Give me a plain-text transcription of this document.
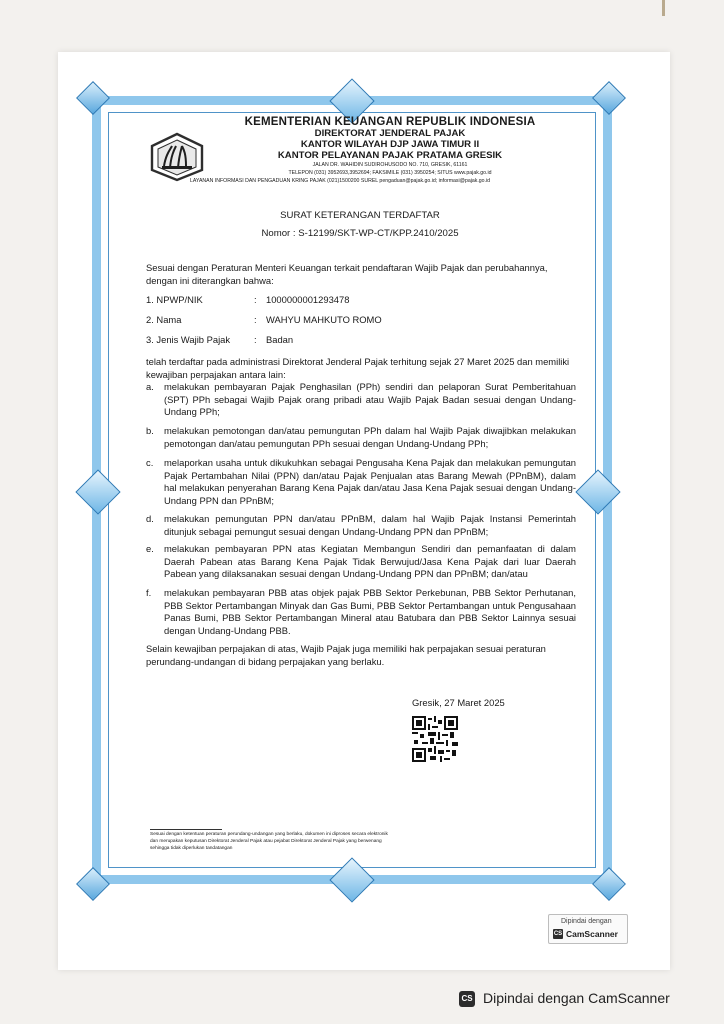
KEMENTERIAN KEUANGAN REPUBLIK INDONESIA
DIREKTORAT JENDERAL PAJAK
KANTOR WILAYAH DJP JAWA TIMUR II
KANTOR PELAYANAN PAJAK PRATAMA GRESIK
JALAN DR. WAHIDIN SUDIROHUSODO NO. 710, GRESIK, 61161
TELEPON (031) 3952693,3952694; FAKSIMILE (031) 3950254; SITUS www.pajak.go.id
LAYANAN INFORMASI DAN PENGADUAN KRING PAJAK (021)1500200 SUREL pengaduan@pajak.go.id; informasi@pajak.go.id
SURAT KETERANGAN TERDAFTAR
Nomor : S-12199/SKT-WP-CT/KPP.2410/2025
Sesuai dengan Peraturan Menteri Keuangan terkait pendaftaran Wajib Pajak dan perubahannya, dengan ini diterangkan bahwa:
1. NPWP/NIK	: 1000000001293478
2. Nama	: WAHYU MAHKUTO ROMO
3. Jenis Wajib Pajak	: Badan
telah terdaftar pada administrasi Direktorat Jenderal Pajak terhitung sejak 27 Maret 2025 dan memiliki kewajiban perpajakan antara lain:
a. melakukan pembayaran Pajak Penghasilan (PPh) sendiri dan pelaporan Surat Pemberitahuan (SPT) PPh sebagai Wajib Pajak orang pribadi atau Wajib Pajak Badan sesuai dengan Undang-Undang PPh;
b. melakukan pemotongan dan/atau pemungutan PPh dalam hal Wajib Pajak diwajibkan melakukan pemotongan dan/atau pemungutan PPh sesuai dengan Undang-Undang PPh;
c. melaporkan usaha untuk dikukuhkan sebagai Pengusaha Kena Pajak dan melakukan pemungutan Pajak Pertambahan Nilai (PPN) dan/atau Pajak Penjualan atas Barang Mewah (PPnBM), dalam hal melakukan penyerahan Barang Kena Pajak dan/atau Jasa Kena Pajak sesuai dengan Undang-Undang PPN dan PPnBM;
d. melakukan pemungutan PPN dan/atau PPnBM, dalam hal Wajib Pajak Instansi Pemerintah ditunjuk sebagai pemungut sesuai dengan Undang-Undang PPN dan PPnBM;
e. melakukan pembayaran PPN atas Kegiatan Membangun Sendiri dan pemanfaatan di dalam Daerah Pabean atas Barang Kena Pajak Tidak Berwujud/Jasa Kena Pajak dari luar Daerah Pabean yang dilaksanakan sesuai dengan Undang-Undang PPN dan PPnBM; dan/atau
f. melakukan pembayaran PBB atas objek pajak PBB Sektor Perkebunan, PBB Sektor Perhutanan, PBB Sektor Pertambangan Minyak dan Gas Bumi, PBB Sektor Pertambangan untuk Pengusahaan Panas Bumi, PBB Sektor Pertambangan Mineral atau Batubara dan PBB Sektor Lainnya sesuai dengan Undang-Undang PBB.
Selain kewajiban perpajakan di atas, Wajib Pajak juga memiliki hak perpajakan sesuai peraturan perundang-undangan di bidang perpajakan yang berlaku.
Gresik, 27 Maret 2025
Sesuai dengan ketentuan peraturan perundang-undangan yang berlaku, dokumen ini diproses secara elektronik dan merupakan keputusan Direktorat Jenderal Pajak atau pejabat Direktorat Jenderal Pajak yang berwenang sehingga tidak diperlukan tandatangan
Dipindai dengan
CS CamScanner
CS Dipindai dengan CamScanner
